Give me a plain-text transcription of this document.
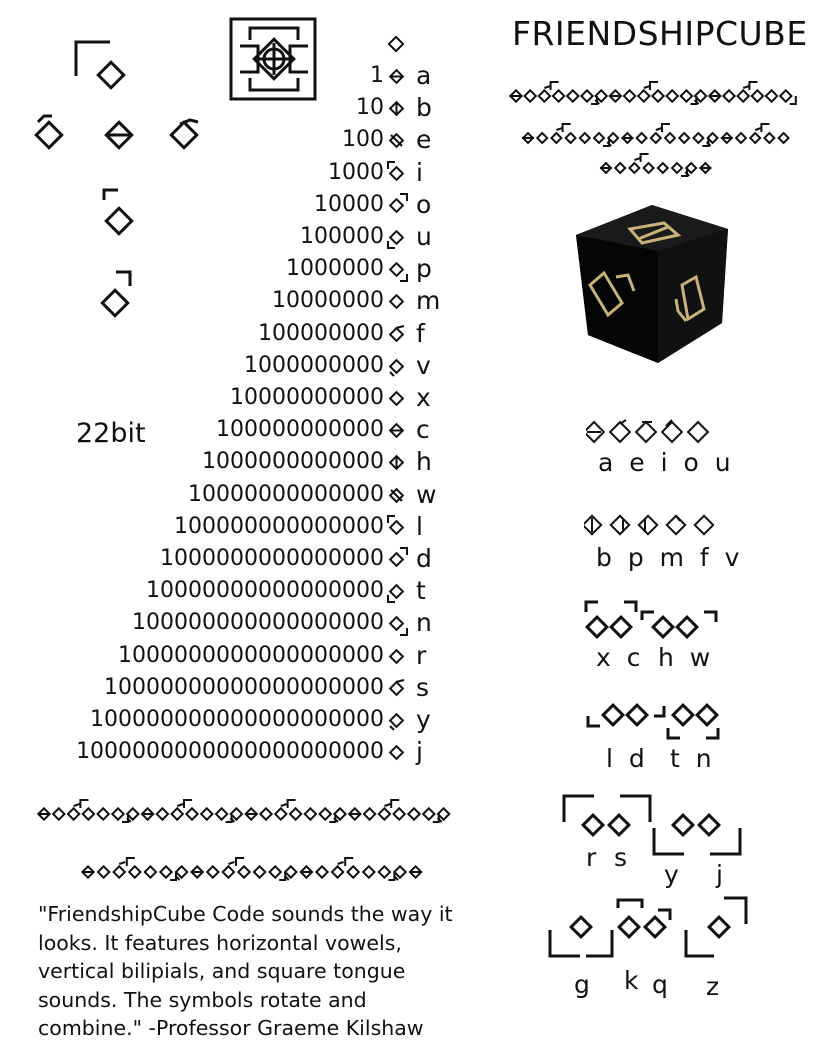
FRIENDSHIPCUBE
22bit
1 a
10 b
100 e
1000 i
10000 o
100000 u
1000000 p
10000000 m
100000000 f
1000000000 v
10000000000 x
100000000000 c
1000000000000 h
10000000000000 w
100000000000000 l
1000000000000000 d
10000000000000000 t
100000000000000000 n
1000000000000000000 r
10000000000000000000 s
100000000000000000000 y
1000000000000000000000 j
a e i o u
b p m f v
x c h w
l d t n
r s
y j
g k q z
"FriendshipCube Code sounds the way it looks. It features horizontal vowels, vertical bilipials, and square tongue sounds. The symbols rotate and combine." -Professor Graeme Kilshaw
